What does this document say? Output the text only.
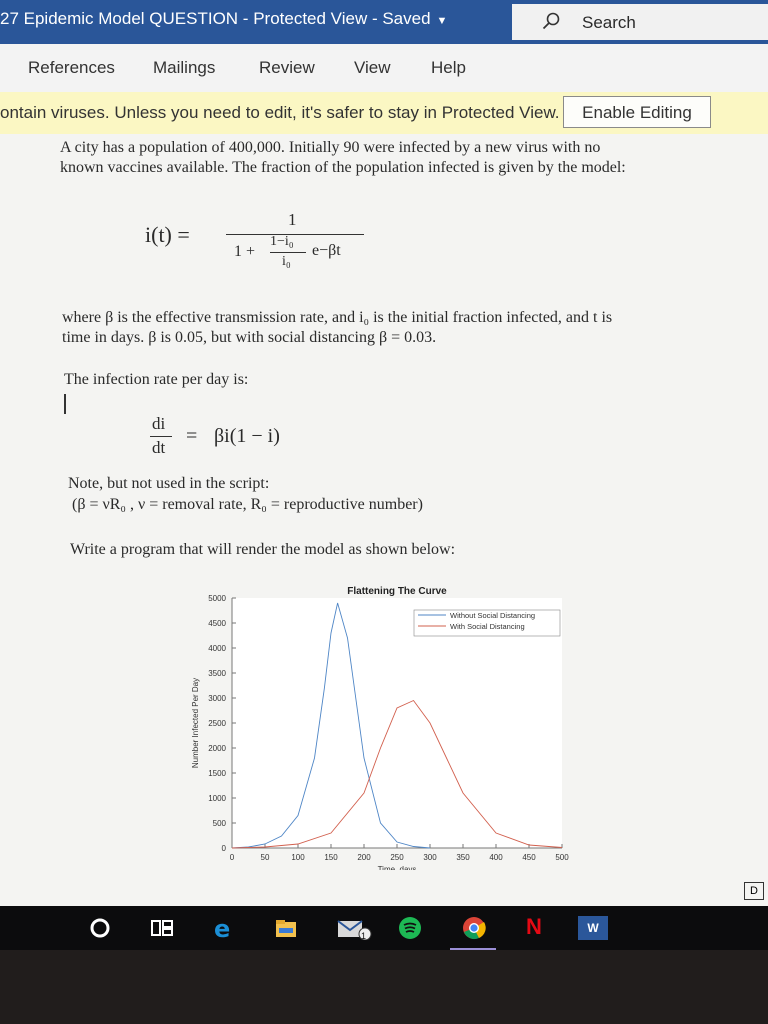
27 Epidemic Model QUESTION - Protected View - Saved ▼	Search
References Mailings	Review View Help
ontain viruses. Unless you need to edit, it's safer to stay in Protected View.	Enable Editing
A city has a population of 400,000. Initially 90 were infected by a new virus with no
known vaccines available. The fraction of the population infected is given by the model:
i(t) =
1
1 +
1−i₀
i₀
e−βt
where β is the effective transmission rate, and i₀ is the initial fraction infected, and t is
time in days. β is 0.05, but with social distancing β = 0.03.
The infection rate per day is:
di
dt
= βi(1 − i)
Note, but not used in the script:
(β = νR₀ , ν = removal rate, R₀ = reproductive number)
Write a program that will render the model as shown below:
0
500
1000
1500
2000
2500
3000
3500
4000
4500
5000
0	50	100 150 200 250 300 350 400 450 500
Flattening The Curve
Number Infected Per Day
Without Social Distancing
With Social Distancing
D
e	1	N	W
